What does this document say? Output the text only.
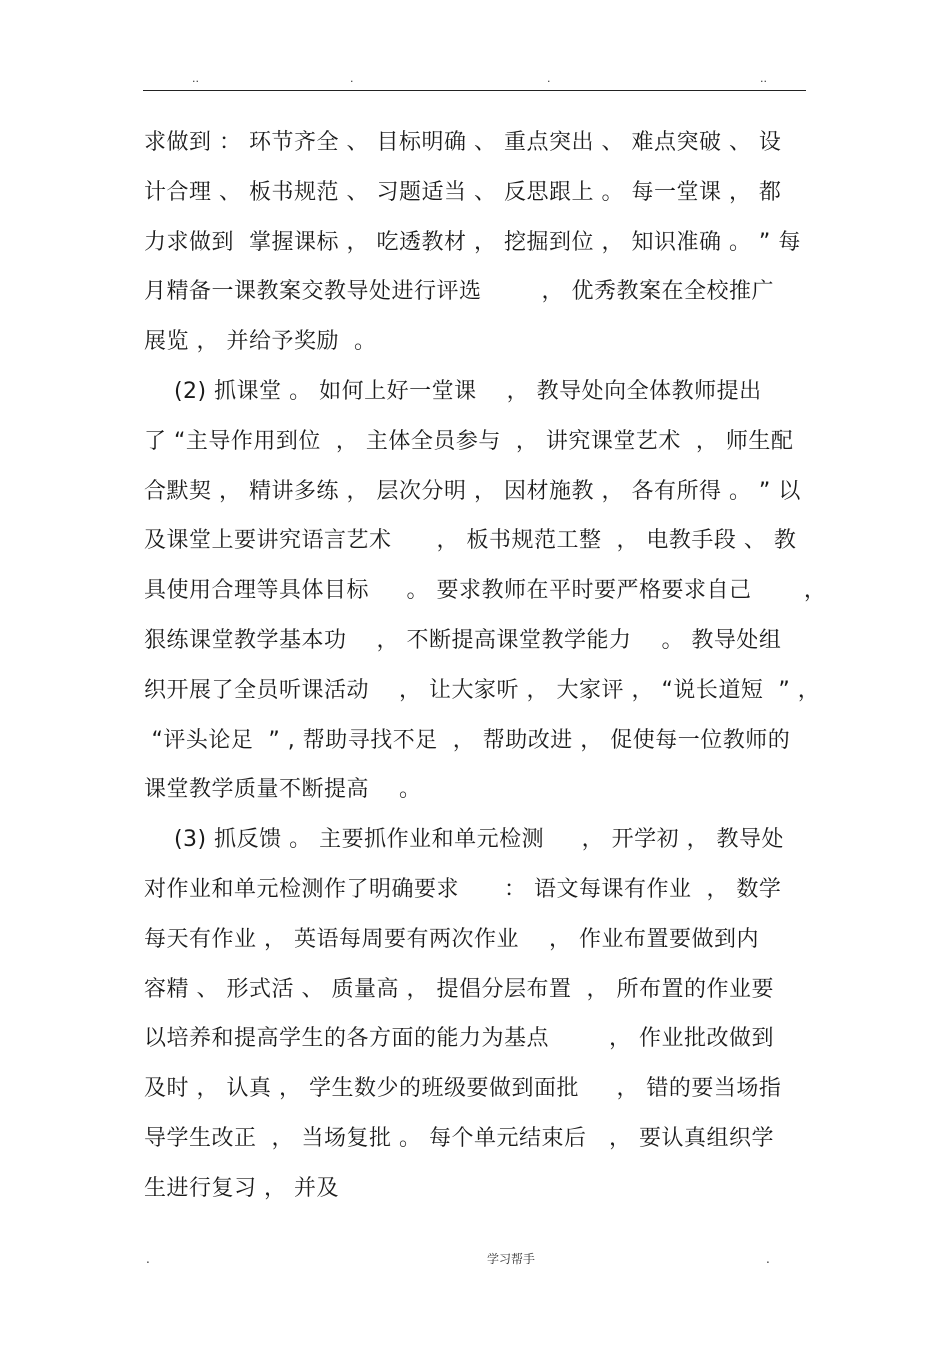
..	.	.	..
求做到 ： 环节齐全 、 目标明确 、 重点突出 、 难点突破 、 设
计合理 、 板书规范 、 习题适当 、 反思跟上 。 每一堂课 ， 都
力求做到  掌握课标 ， 吃透教材 ， 挖掘到位 ， 知识准确 。 ” 每
月精备一课教案交教导处进行评选        ， 优秀教案在全校推广
展览 ， 并给予奖励  。
(2) 抓课堂 。 如何上好一堂课    ， 教导处向全体教师提出
了 “主导作用到位  ， 主体全员参与  ， 讲究课堂艺术  ， 师生配
合默契 ， 精讲多练 ， 层次分明 ， 因材施教 ， 各有所得 。 ” 以
及课堂上要讲究语言艺术      ， 板书规范工整  ， 电教手段 、 教
具使用合理等具体目标     。 要求教师在平时要严格要求自己       ，
狠练课堂教学基本功    ， 不断提高课堂教学能力    。 教导处组
织开展了全员听课活动    ， 让大家听 ， 大家评 ， “说长道短  ” ，
“评头论足  ” , 帮助寻找不足  ， 帮助改进 ， 促使每一位教师的
课堂教学质量不断提高    。
(3) 抓反馈 。 主要抓作业和单元检测     ， 开学初 ， 教导处
对作业和单元检测作了明确要求      ： 语文每课有作业  ， 数学
每天有作业 ， 英语每周要有两次作业    ， 作业布置要做到内
容精 、 形式活 、 质量高 ， 提倡分层布置  ， 所布置的作业要
以培养和提高学生的各方面的能力为基点        ， 作业批改做到
及时 ， 认真 ， 学生数少的班级要做到面批     ， 错的要当场指
导学生改正  ， 当场复批 。 每个单元结束后   ， 要认真组织学
生进行复习 ， 并及
.	学习帮手	.
